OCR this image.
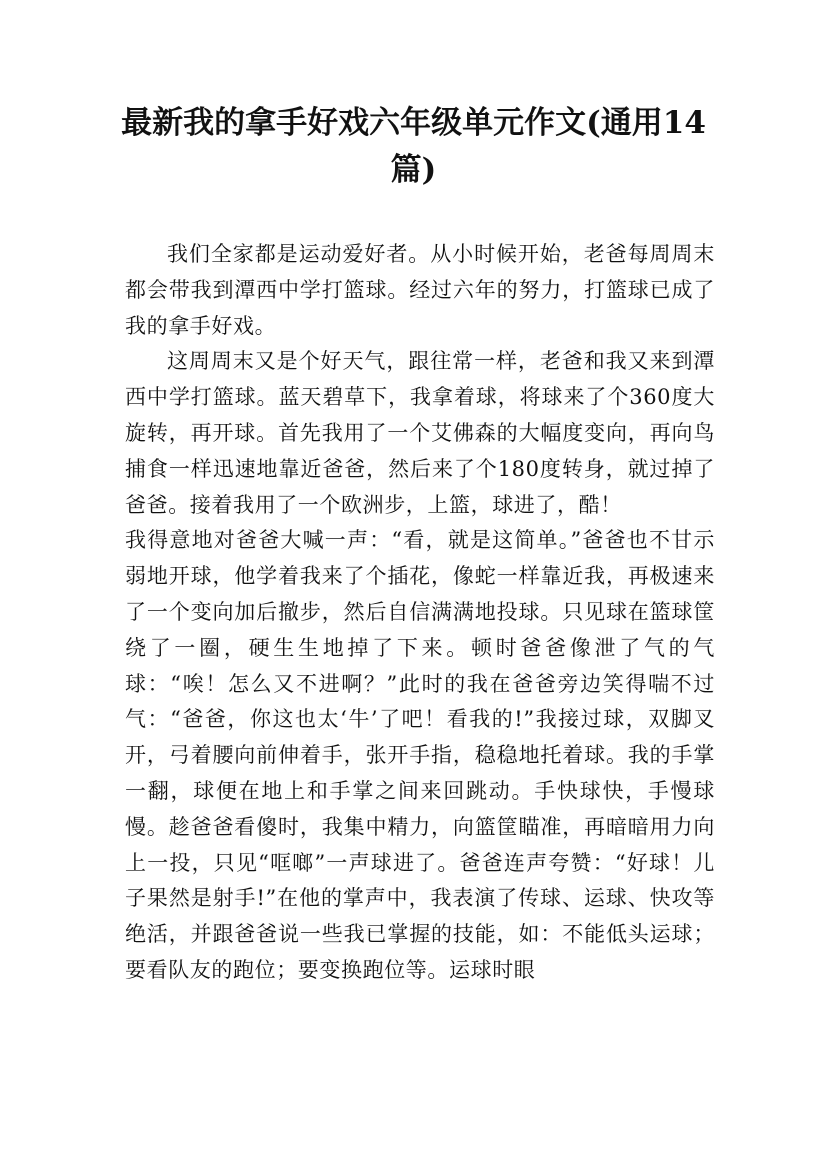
最新我的拿手好戏六年级单元作文(通用14篇)

我们全家都是运动爱好者。从小时候开始，老爸每周周末都会带我到潭西中学打篮球。经过六年的努力，打篮球已成了我的拿手好戏。

这周周末又是个好天气，跟往常一样，老爸和我又来到潭西中学打篮球。蓝天碧草下，我拿着球，将球来了个360度大旋转，再开球。首先我用了一个艾佛森的大幅度变向，再向鸟捕食一样迅速地靠近爸爸，然后来了个180度转身，就过掉了爸爸。接着我用了一个欧洲步，上篮，球进了，酷！

我得意地对爸爸大喊一声：“看，就是这简单。”爸爸也不甘示弱地开球，他学着我来了个插花，像蛇一样靠近我，再极速来了一个变向加后撤步，然后自信满满地投球。只见球在篮球筐绕了一圈，硬生生地掉了下来。顿时爸爸像泄了气的气球：“唉！怎么又不进啊？”此时的我在爸爸旁边笑得喘不过气：“爸爸，你这也太‘牛’了吧！看我的!”我接过球，双脚叉开，弓着腰向前伸着手，张开手指，稳稳地托着球。我的手掌一翻，球便在地上和手掌之间来回跳动。手快球快，手慢球慢。趁爸爸看傻时，我集中精力，向篮筐瞄准，再暗暗用力向上一投，只见“哐啷”一声球进了。爸爸连声夸赞：“好球！儿子果然是射手!”在他的掌声中，我表演了传球、运球、快攻等绝活，并跟爸爸说一些我已掌握的技能，如：不能低头运球；要看队友的跑位；要变换跑位等。运球时眼
